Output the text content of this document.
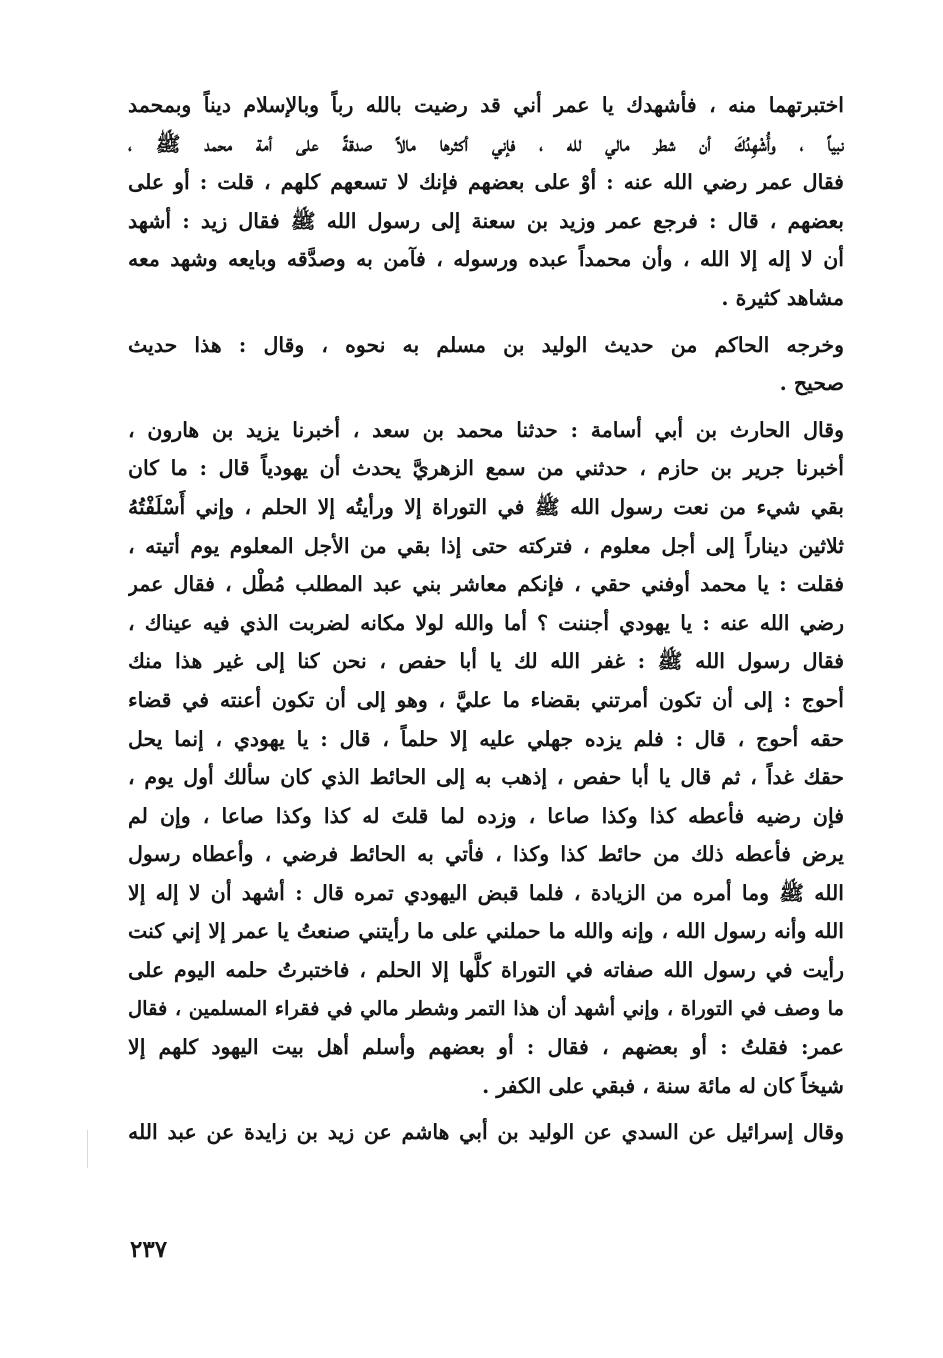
اختبرتهما منه ، فأشهدك يا عمر أني قد رضيت بالله رباً وبالإسلام ديناً وبمحمد
نبياً ، وأُشْهِدُكَ أن شطر مالي لله ، فإني أكثرها مالاً صدقةً على أمة محمد ﷺ ،
فقال عمر رضي الله عنه : أوْ على بعضهم فإنك لا تسعهم كلهم ، قلت : أو على
بعضهم ، قال : فرجع عمر وزيد بن سعنة إلى رسول الله ﷺ فقال زيد : أشهد
أن لا إله إلا الله ، وأن محمداً عبده ورسوله ، فآمن به وصدَّقه وبايعه وشهد معه
مشاهد كثيرة .

وخرجه الحاكم من حديث الوليد بن مسلم به نحوه ، وقال : هذا حديث
صحيح .

وقال الحارث بن أبي أسامة : حدثنا محمد بن سعد ، أخبرنا يزيد بن هارون ،
أخبرنا جرير بن حازم ، حدثني من سمع الزهريَّ يحدث أن يهودياً قال : ما كان
بقي شيء من نعت رسول الله ﷺ في التوراة إلا ورأيتُه إلا الحلم ، وإني أَسْلَفْتُهُ
ثلاثين ديناراً إلى أجل معلوم ، فتركته حتى إذا بقي من الأجل المعلوم يوم أتيته ،
فقلت : يا محمد أوفني حقي ، فإنكم معاشر بني عبد المطلب مُطْل ، فقال عمر
رضي الله عنه : يا يهودي أجننت ؟ أما والله لولا مكانه لضربت الذي فيه عيناك ،
فقال رسول الله ﷺ : غفر الله لك يا أبا حفص ، نحن كنا إلى غير هذا منك
أحوج : إلى أن تكون أمرتني بقضاء ما عليَّ ، وهو إلى أن تكون أعنته في قضاء
حقه أحوج ، قال : فلم يزده جهلي عليه إلا حلماً ، قال : يا يهودي ، إنما يحل
حقك غداً ، ثم قال يا أبا حفص ، إذهب به إلى الحائط الذي كان سألك أول يوم ،
فإن رضيه فأعطه كذا وكذا صاعا ، وزده لما قلتَ له كذا وكذا صاعا ، وإن لم
يرض فأعطه ذلك من حائط كذا وكذا ، فأتي به الحائط فرضي ، وأعطاه رسول
الله ﷺ وما أمره من الزيادة ، فلما قبض اليهودي تمره قال : أشهد أن لا إله إلا
الله وأنه رسول الله ، وإنه والله ما حملني على ما رأيتني صنعتُ يا عمر إلا إني كنت
رأيت في رسول الله صفاته في التوراة كلَّها إلا الحلم ، فاختبرتُ حلمه اليوم على
ما وصف في التوراة ، وإني أشهد أن هذا التمر وشطر مالي في فقراء المسلمين ، فقال
عمر: فقلتُ : أو بعضهم ، فقال : أو بعضهم وأسلم أهل بيت اليهود كلهم إلا
شيخاً كان له مائة سنة ، فبقي على الكفر .

وقال إسرائيل عن السدي عن الوليد بن أبي هاشم عن زيد بن زايدة عن عبد الله

٢٣٧
